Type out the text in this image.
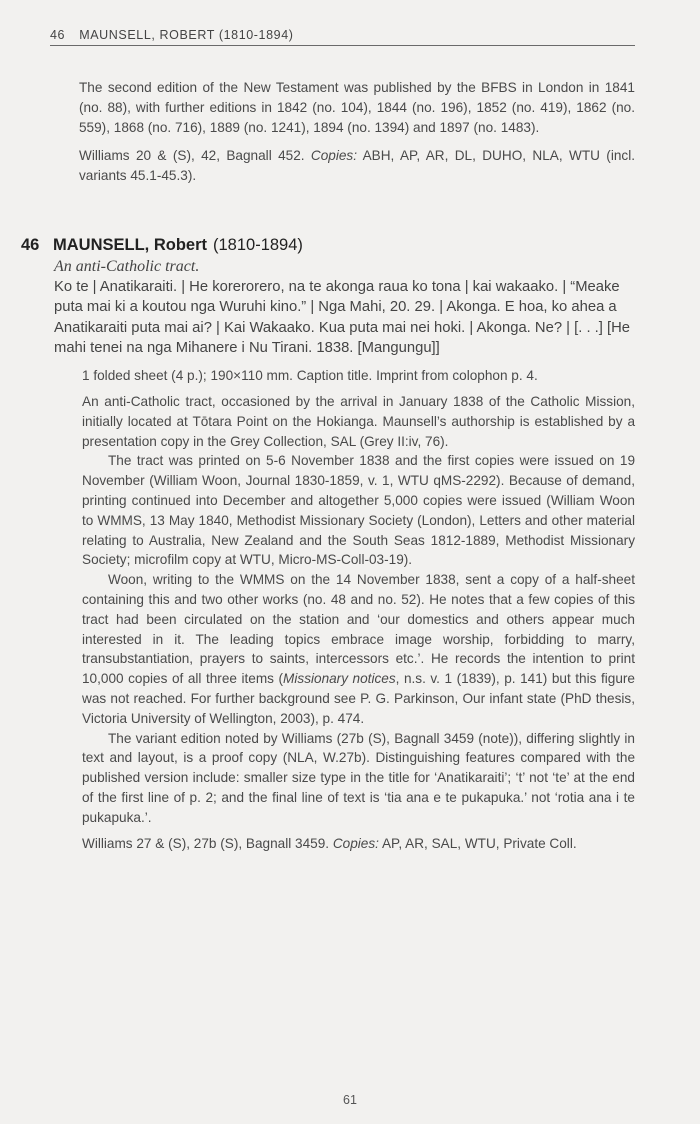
46 MAUNSELL, ROBERT (1810-1894)

The second edition of the New Testament was published by the BFBS in London in 1841 (no. 88), with further editions in 1842 (no. 104), 1844 (no. 196), 1852 (no. 419), 1862 (no. 559), 1868 (no. 716), 1889 (no. 1241), 1894 (no. 1394) and 1897 (no. 1483).

Williams 20 & (S), 42, Bagnall 452. Copies: ABH, AP, AR, DL, DUHO, NLA, WTU (incl. variants 45.1-45.3).

46 MAUNSELL, Robert (1810-1894)
An anti-Catholic tract.

Ko te | Anatikaraiti. | He korerorero, na te akonga raua ko tona | kai wakaako. | “Meake puta mai ki a koutou nga Wuruhi kino.” | Nga Mahi, 20. 29. | Akonga. E hoa, ko ahea a Anatikaraiti puta mai ai? | Kai Wakaako. Kua puta mai nei hoki. | Akonga. Ne? | [. . .] [He mahi tenei na nga Mihanere i Nu Tirani. 1838. [Mangungu]]

1 folded sheet (4 p.); 190×110 mm. Caption title. Imprint from colophon p. 4.

An anti-Catholic tract, occasioned by the arrival in January 1838 of the Catholic Mission, initially located at Tōtara Point on the Hokianga. Maunsell’s authorship is established by a presentation copy in the Grey Collection, SAL (Grey II:iv, 76).

The tract was printed on 5-6 November 1838 and the first copies were issued on 19 November (William Woon, Journal 1830-1859, v. 1, WTU qMS-2292). Because of demand, printing continued into December and altogether 5,000 copies were issued (William Woon to WMMS, 13 May 1840, Methodist Missionary Society (London), Letters and other material relating to Australia, New Zealand and the South Seas 1812-1889, Methodist Missionary Society; microfilm copy at WTU, Micro-MS-Coll-03-19).

Woon, writing to the WMMS on the 14 November 1838, sent a copy of a half-sheet containing this and two other works (no. 48 and no. 52). He notes that a few copies of this tract had been circulated on the station and ‘our domestics and others appear much interested in it. The leading topics embrace image worship, forbidding to marry, transubstantiation, prayers to saints, intercessors etc.’. He records the intention to print 10,000 copies of all three items (Missionary notices, n.s. v. 1 (1839), p. 141) but this figure was not reached. For further background see P. G. Parkinson, Our infant state (PhD thesis, Victoria University of Wellington, 2003), p. 474.

The variant edition noted by Williams (27b (S), Bagnall 3459 (note)), differing slightly in text and layout, is a proof copy (NLA, W.27b). Distinguishing features compared with the published version include: smaller size type in the title for ‘Anatikaraiti’; ‘t’ not ‘te’ at the end of the first line of p. 2; and the final line of text is ‘tia ana e te pukapuka.’ not ‘rotia ana i te pukapuka.’.

Williams 27 & (S), 27b (S), Bagnall 3459. Copies: AP, AR, SAL, WTU, Private Coll.

61
